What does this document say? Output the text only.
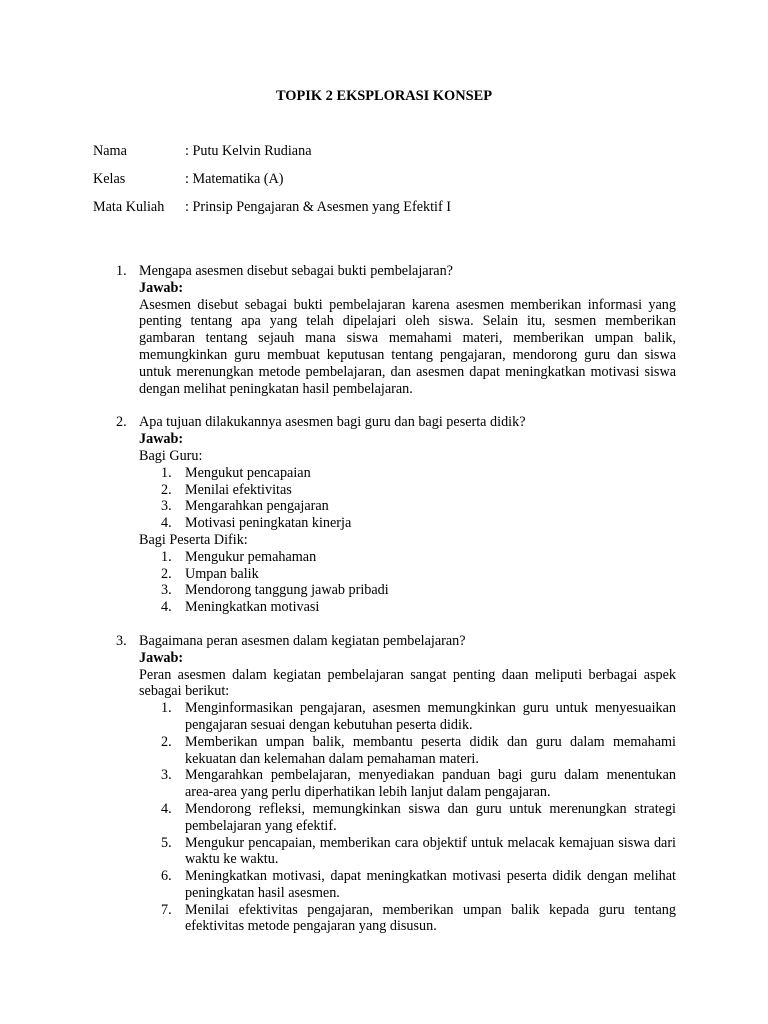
TOPIK 2 EKSPLORASI KONSEP
Nama	: Putu Kelvin Rudiana
Kelas	: Matematika (A)
Mata Kuliah	: Prinsip Pengajaran & Asesmen yang Efektif I
1. Mengapa asesmen disebut sebagai bukti pembelajaran?
Jawab:
Asesmen disebut sebagai bukti pembelajaran karena asesmen memberikan informasi yang penting tentang apa yang telah dipelajari oleh siswa. Selain itu, sesmen memberikan gambaran tentang sejauh mana siswa memahami materi, memberikan umpan balik, memungkinkan guru membuat keputusan tentang pengajaran, mendorong guru dan siswa untuk merenungkan metode pembelajaran, dan asesmen dapat meningkatkan motivasi siswa dengan melihat peningkatan hasil pembelajaran.
2. Apa tujuan dilakukannya asesmen bagi guru dan bagi peserta didik?
Jawab:
Bagi Guru:
1. Mengukut pencapaian
2. Menilai efektivitas
3. Mengarahkan pengajaran
4. Motivasi peningkatan kinerja
Bagi Peserta Difik:
1. Mengukur pemahaman
2. Umpan balik
3. Mendorong tanggung jawab pribadi
4. Meningkatkan motivasi
3. Bagaimana peran asesmen dalam kegiatan pembelajaran?
Jawab:
Peran asesmen dalam kegiatan pembelajaran sangat penting daan meliputi berbagai aspek sebagai berikut:
1. Menginformasikan pengajaran, asesmen memungkinkan guru untuk menyesuaikan pengajaran sesuai dengan kebutuhan peserta didik.
2. Memberikan umpan balik, membantu peserta didik dan guru dalam memahami kekuatan dan kelemahan dalam pemahaman materi.
3. Mengarahkan pembelajaran, menyediakan panduan bagi guru dalam menentukan area-area yang perlu diperhatikan lebih lanjut dalam pengajaran.
4. Mendorong refleksi, memungkinkan siswa dan guru untuk merenungkan strategi pembelajaran yang efektif.
5. Mengukur pencapaian, memberikan cara objektif untuk melacak kemajuan siswa dari waktu ke waktu.
6. Meningkatkan motivasi, dapat meningkatkan motivasi peserta didik dengan melihat peningkatan hasil asesmen.
7. Menilai efektivitas pengajaran, memberikan umpan balik kepada guru tentang efektivitas metode pengajaran yang disusun.
